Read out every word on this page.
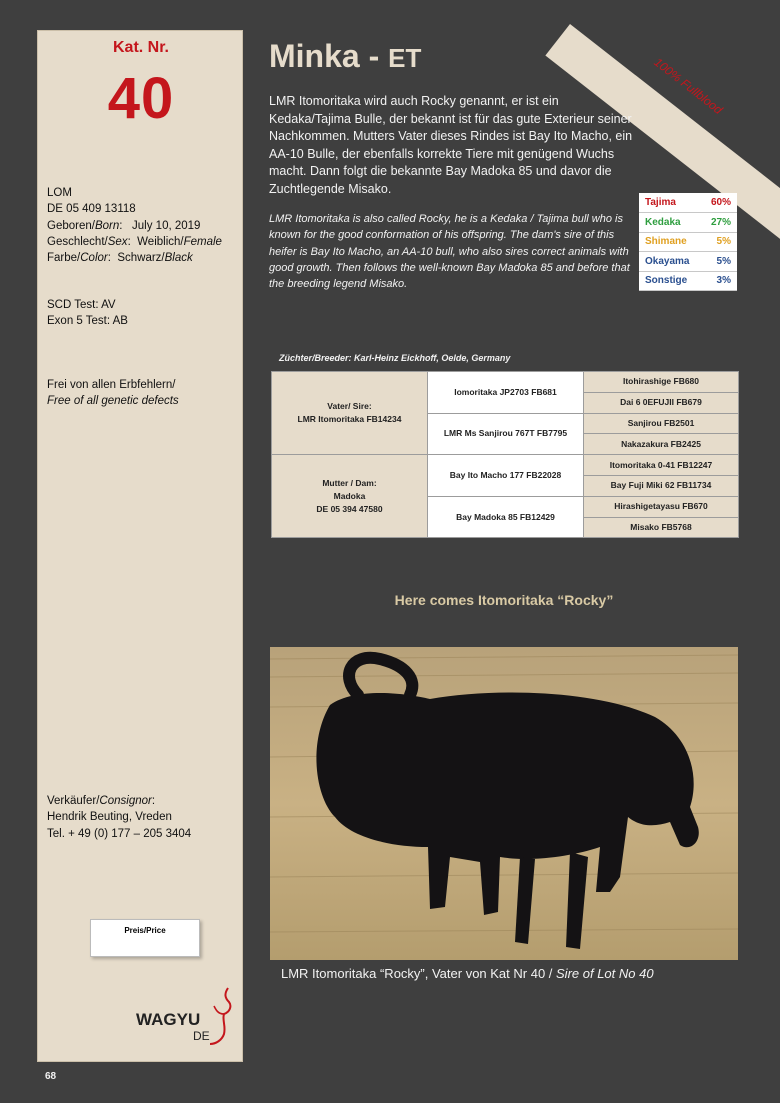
Kat. Nr.
40
LOM
DE 05 409 13118
Geboren/Born:   July 10, 2019
Geschlecht/Sex:  Weiblich/Female
Farbe/Color:  Schwarz/Black
SCD Test: AV
Exon 5 Test: AB
Frei von allen Erbfehlern/
Free of all genetic defects
Verkäufer/Consignor:
Hendrik Beuting, Vreden
Tel. + 49 (0) 177 – 205 3404
Preis/Price
WAGYU
DE
100% Fullblood
Minka - ET
LMR Itomoritaka wird auch Rocky genannt, er ist ein Kedaka/Tajima Bulle, der bekannt ist für das gute Exterieur seiner Nachkommen. Mutters Vater dieses Rindes ist Bay Ito Macho, ein AA-10 Bulle, der ebenfalls korrekte Tiere mit genügend Wuchs macht. Dann folgt die bekannte Bay Madoka 85 und davor die Zuchtlegende Misako.
LMR Itomoritaka is also called Rocky, he is a Kedaka / Tajima bull who is known for the good conformation of his offspring. The dam's sire of this heifer is Bay Ito Macho, an AA-10 bull, who also sires correct animals with good growth. Then follows the well-known Bay Madoka 85 and before that the breeding legend Misako.
Tajima	60%
Kedaka	27%
Shimane	5%
Okayama	5%
Sonstige	3%
Züchter/Breeder: Karl-Heinz Eickhoff, Oelde, Germany
Vater/ Sire:
LMR Itomoritaka FB14234	Iomoritaka JP2703 FB681	Itohirashige FB680
		Dai 6 0EFUJII FB679
	LMR Ms Sanjirou 767T FB7795	Sanjirou FB2501
		Nakazakura FB2425

Mutter / Dam:
Madoka
DE 05 394 47580	Bay Ito Macho 177 FB22028	Itomoritaka 0-41 FB12247
		Bay Fuji Miki 62 FB11734
	Bay Madoka 85 FB12429	Hirashigetayasu FB670
		Misako FB5768
Here comes Itomoritaka “Rocky”
LMR Itomoritaka “Rocky”, Vater von Kat Nr 40 / Sire of Lot No 40
68
